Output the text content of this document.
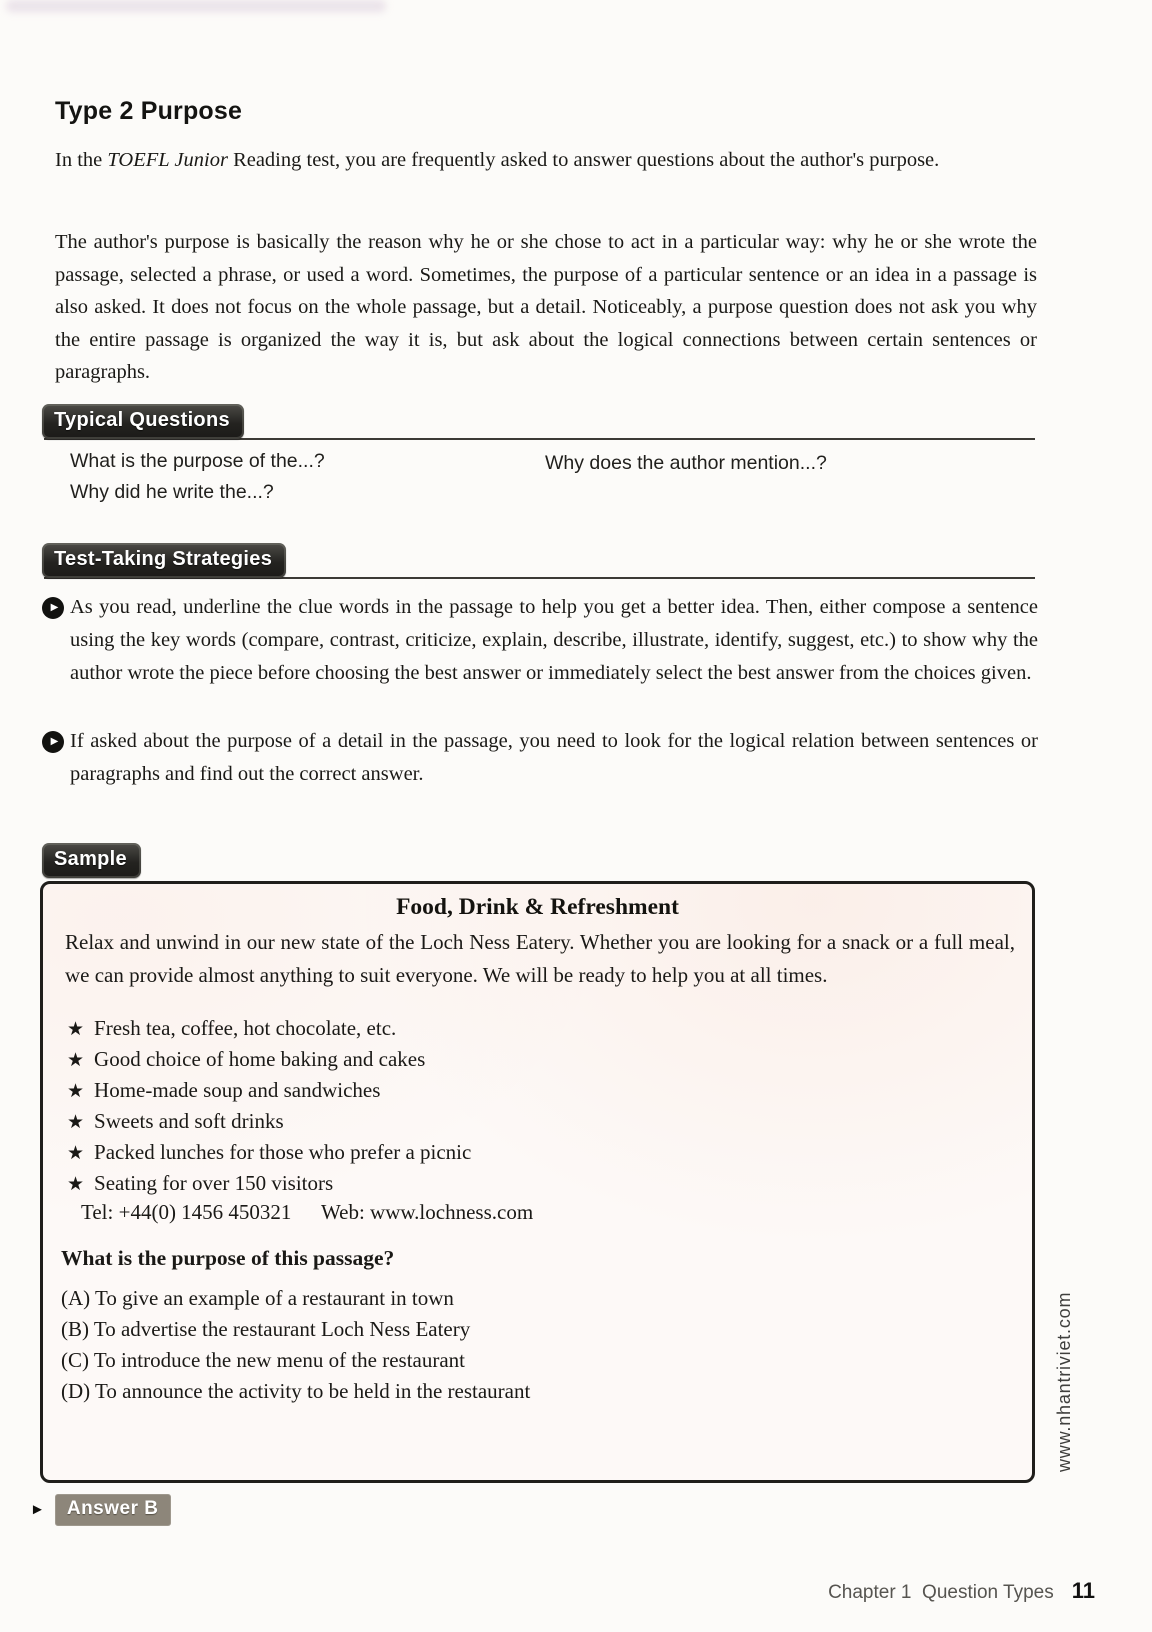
Type 2 Purpose

In the TOEFL Junior Reading test, you are frequently asked to answer questions about the author's purpose.

The author's purpose is basically the reason why he or she chose to act in a particular way: why he or she wrote the passage, selected a phrase, or used a word. Sometimes, the purpose of a particular sentence or an idea in a passage is also asked. It does not focus on the whole passage, but a detail. Noticeably, a purpose question does not ask you why the entire passage is organized the way it is, but ask about the logical connections between certain sentences or paragraphs.

Typical Questions

What is the purpose of the...?

Why did he write the...?

Why does the author mention...?

Test-Taking Strategies
▶ As you read, underline the clue words in the passage to help you get a better idea. Then, either compose a sentence using the key words (compare, contrast, criticize, explain, describe, illustrate, identify, suggest, etc.) to show why the author wrote the piece before choosing the best answer or immediately select the best answer from the choices given.

▶ If asked about the purpose of a detail in the passage, you need to look for the logical relation between sentences or paragraphs and find out the correct answer.

Sample
Food, Drink & Refreshment

Relax and unwind in our new state of the Loch Ness Eatery. Whether you are looking for a snack or a full meal, we can provide almost anything to suit everyone. We will be ready to help you at all times.

★ Fresh tea, coffee, hot chocolate, etc.
★ Good choice of home baking and cakes
★ Home-made soup and sandwiches
★ Sweets and soft drinks
★ Packed lunches for those who prefer a picnic
★ Seating for over 150 visitors
Tel: +44(0) 1456 450321 Web: www.lochness.com

What is the purpose of this passage?

(A) To give an example of a restaurant in town
(B) To advertise the restaurant Loch Ness Eatery
(C) To introduce the new menu of the restaurant
(D) To announce the activity to be held in the restaurant
►	Answer B

Chapter 1  Question Types 11

www.nhantriviet.com
